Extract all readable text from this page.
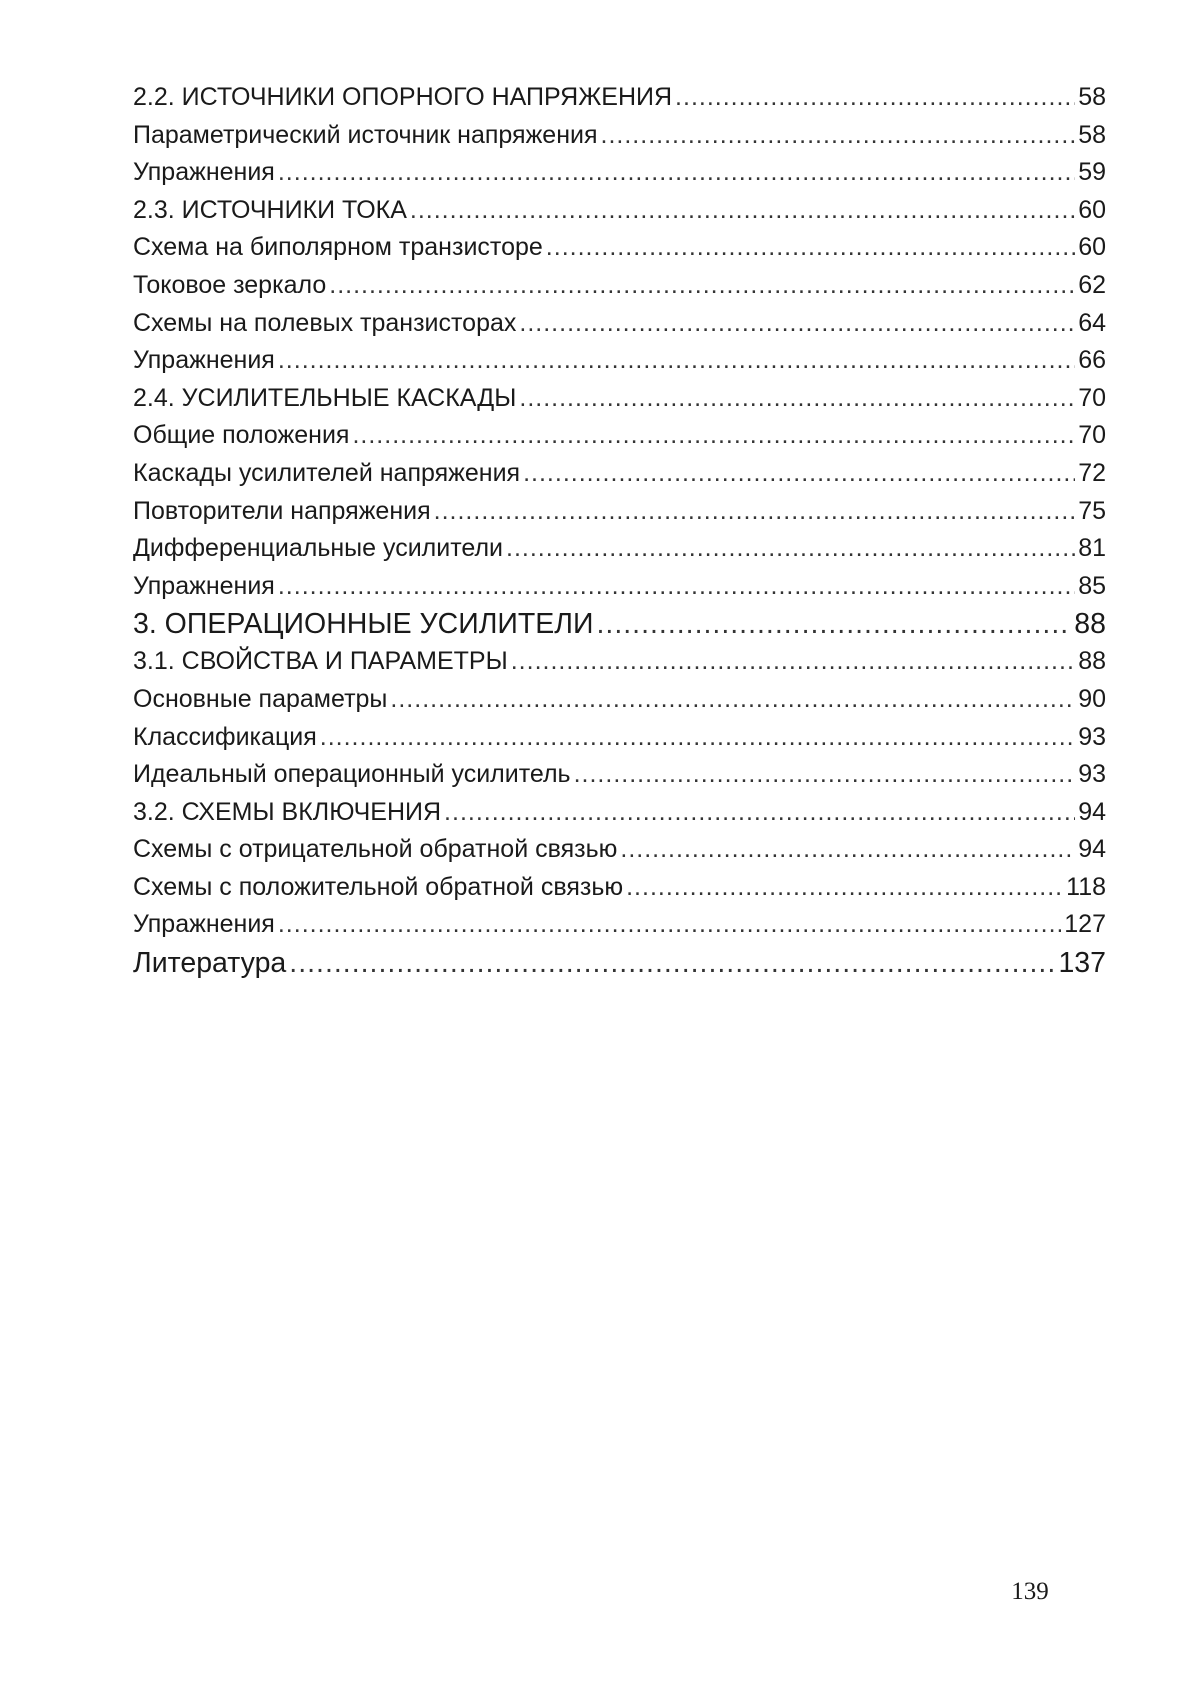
2.2. ИСТОЧНИКИ ОПОРНОГО НАПРЯЖЕНИЯ .....	58
Параметрический источник напряжения .....	58
Упражнения .....	59
2.3. ИСТОЧНИКИ ТОКА .....	60
Схема на биполярном транзисторе .....	60
Токовое зеркало .....	62
Схемы на полевых транзисторах .....	64
Упражнения .....	66
2.4. УСИЛИТЕЛЬНЫЕ КАСКАДЫ .....	70
Общие положения .....	70
Каскады усилителей напряжения .....	72
Повторители напряжения .....	75
Дифференциальные усилители .....	81
Упражнения .....	85
3. ОПЕРАЦИОННЫЕ УСИЛИТЕЛИ .....	88
3.1. СВОЙСТВА И ПАРАМЕТРЫ .....	88
Основные параметры .....	90
Классификация .....	93
Идеальный операционный усилитель .....	93
3.2. СХЕМЫ ВКЛЮЧЕНИЯ .....	94
Схемы с отрицательной обратной связью .....	94
Схемы с положительной обратной связью .....	118
Упражнения .....	127
Литература .....	137
139
